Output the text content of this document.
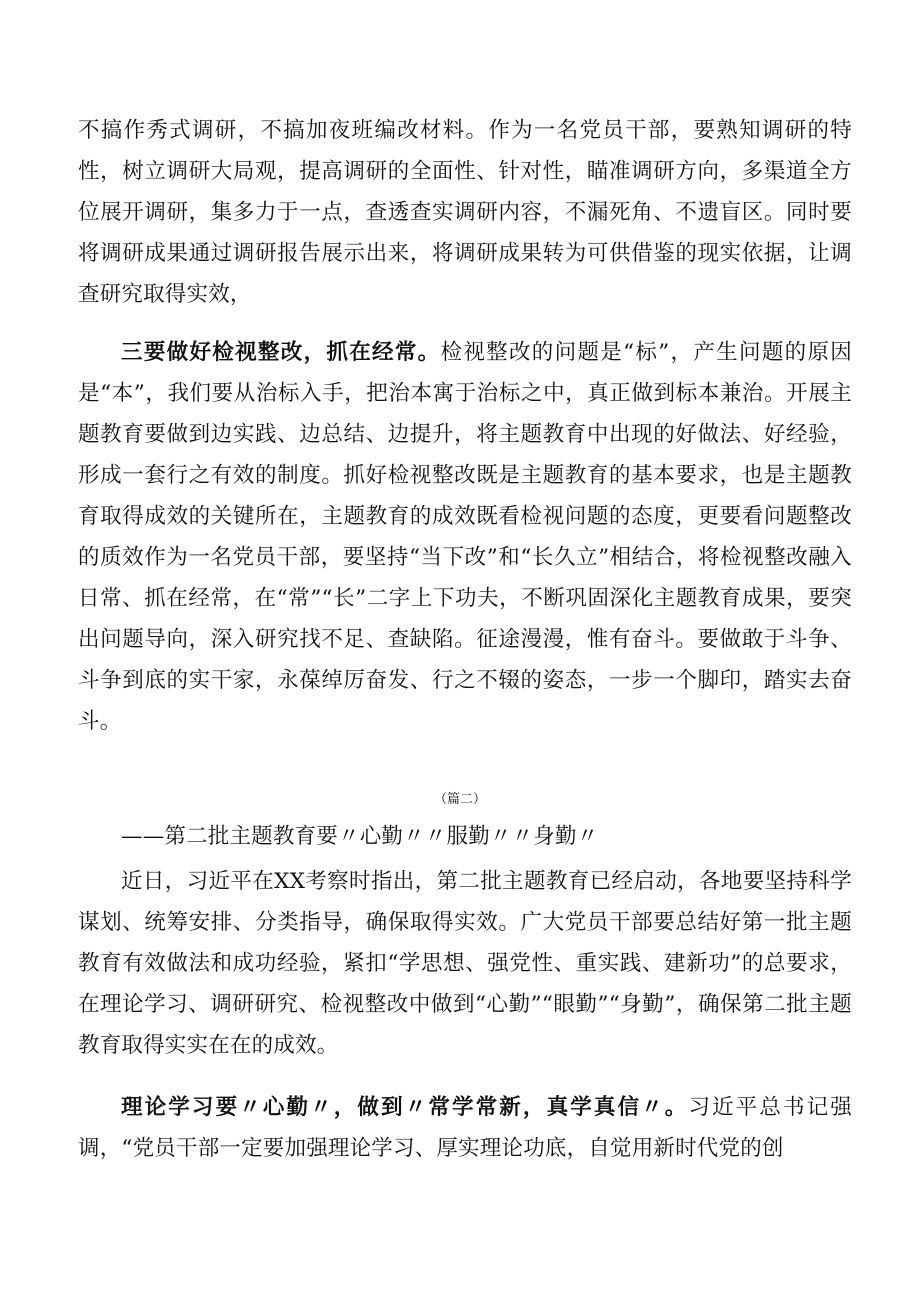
不搞作秀式调研，不搞加夜班编改材料。作为一名党员干部，要熟知调研的特性，树立调研大局观，提高调研的全面性、针对性，瞄准调研方向，多渠道全方位展开调研，集多力于一点，查透查实调研内容，不漏死角、不遗盲区。同时要将调研成果通过调研报告展示出来，将调研成果转为可供借鉴的现实依据，让调查研究取得实效，

三要做好检视整改，抓在经常。检视整改的问题是“标”，产生问题的原因是“本”，我们要从治标入手，把治本寓于治标之中，真正做到标本兼治。开展主题教育要做到边实践、边总结、边提升，将主题教育中出现的好做法、好经验，形成一套行之有效的制度。抓好检视整改既是主题教育的基本要求，也是主题教育取得成效的关键所在，主题教育的成效既看检视问题的态度，更要看问题整改的质效作为一名党员干部，要坚持“当下改”和“长久立”相结合，将检视整改融入日常、抓在经常，在“常”“长”二字上下功夫，不断巩固深化主题教育成果，要突出问题导向，深入研究找不足、查缺陷。征途漫漫，惟有奋斗。要做敢于斗争、斗争到底的实干家，永葆绰厉奋发、行之不辍的姿态，一步一个脚印，踏实去奋斗。

（篇二）

——第二批主题教育要〃心勤〃〃服勤〃〃身勤〃

近日，习近平在XX考察时指出，第二批主题教育已经启动，各地要坚持科学谋划、统筹安排、分类指导，确保取得实效。广大党员干部要总结好第一批主题教育有效做法和成功经验，紧扣“学思想、强党性、重实践、建新功”的总要求，在理论学习、调研研究、检视整改中做到“心勤”“眼勤”“身勤”，确保第二批主题教育取得实实在在的成效。

理论学习要〃心勤〃，做到〃常学常新，真学真信〃。习近平总书记强调，“党员干部一定要加强理论学习、厚实理论功底，自觉用新时代党的创
